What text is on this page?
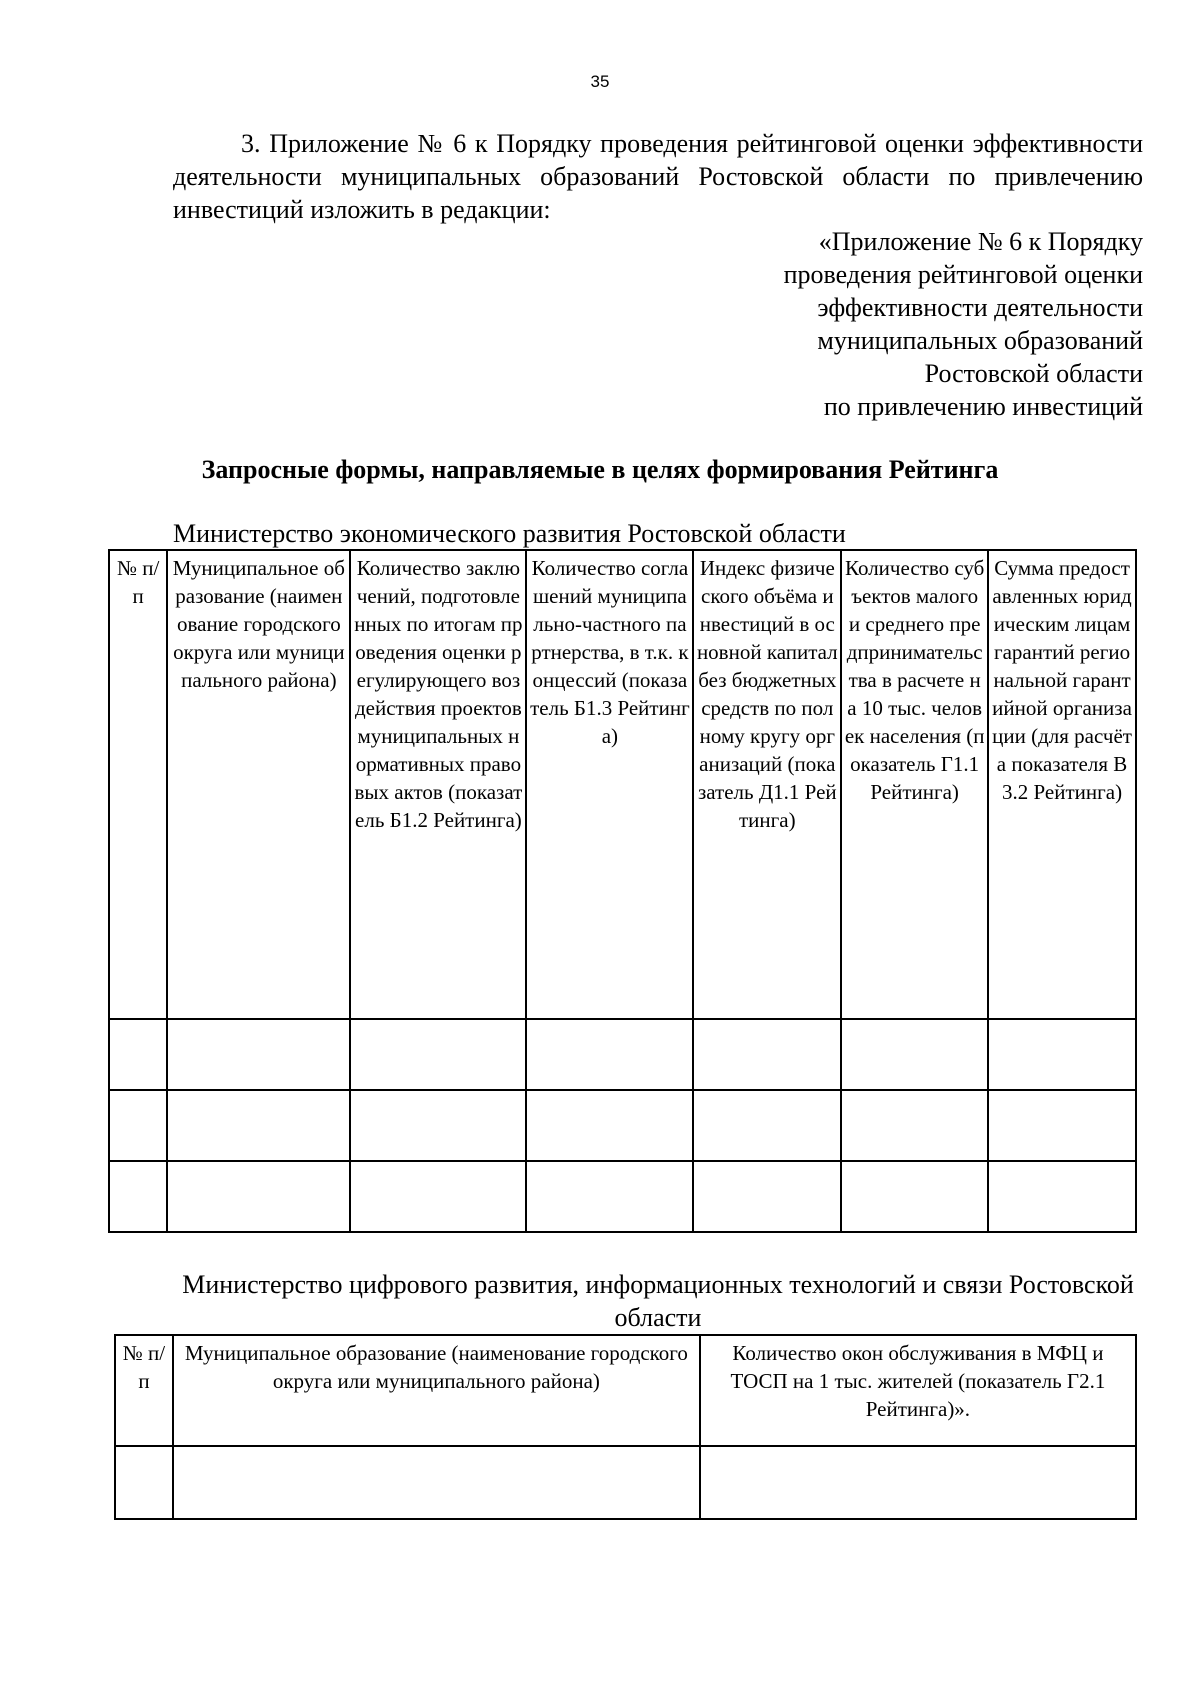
35

3. Приложение № 6 к Порядку проведения рейтинговой оценки эффективности деятельности муниципальных образований Ростовской области по привлечению инвестиций изложить в редакции:

«Приложение № 6 к Порядку
проведения рейтинговой оценки
эффективности деятельности
муниципальных образований
Ростовской области
по привлечению инвестиций
Запросные формы, направляемые в целях формирования Рейтинга
Министерство экономического развития Ростовской области
№ п/п	Муниципальное образование (наименование городского округа или муниципального района)	Количество заключений, подготовленных по итогам проведения оценки регулирующего воздействия проектов муниципальных нормативных правовых актов (показатель Б1.2 Рейтинга)	Количество соглашений муниципально-частного партнерства, в т.к. концессий (показатель Б1.3 Рейтинга)	Индекс физического объёма инвестиций в основной капитал без бюджетных средств по полному кругу организаций (показатель Д1.1 Рейтинга)	Количество субъектов малого и среднего предпринимательства в расчете на 10 тыс. человек населения (показатель Г1.1 Рейтинга)	Сумма предоставленных юридическим лицам гарантий региональной гарантийной организации (для расчёта показателя В3.2 Рейтинга)

Министерство цифрового развития, информационных технологий и связи Ростовской области
№ п/п	Муниципальное образование (наименование городского округа или муниципального района)	Количество окон обслуживания в МФЦ и ТОСП на 1 тыс. жителей (показатель Г2.1 Рейтинга)».
